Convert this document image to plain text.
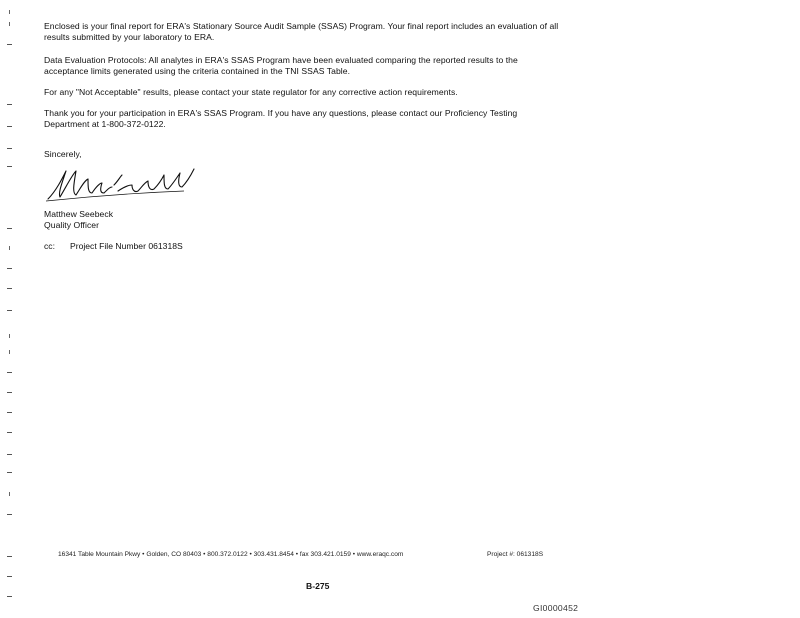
Enclosed is your final report for ERA's Stationary Source Audit Sample (SSAS) Program. Your final report includes an evaluation of all results submitted by your laboratory to ERA.
Data Evaluation Protocols: All analytes in ERA's SSAS Program have been evaluated comparing the reported results to the acceptance limits generated using the criteria contained in the TNI SSAS Table.
For any "Not Acceptable" results, please contact your state regulator for any corrective action requirements.
Thank you for your participation in ERA's SSAS Program. If you have any questions, please contact our Proficiency Testing Department at 1-800-372-0122.
Sincerely,
Matthew Seebeck
Quality Officer
cc: Project File Number 061318S
16341 Table Mountain Pkwy • Golden, CO 80403 • 800.372.0122 • 303.431.8454 • fax 303.421.0159 • www.eraqc.com	Project #: 061318S
B-275
GI0000452
